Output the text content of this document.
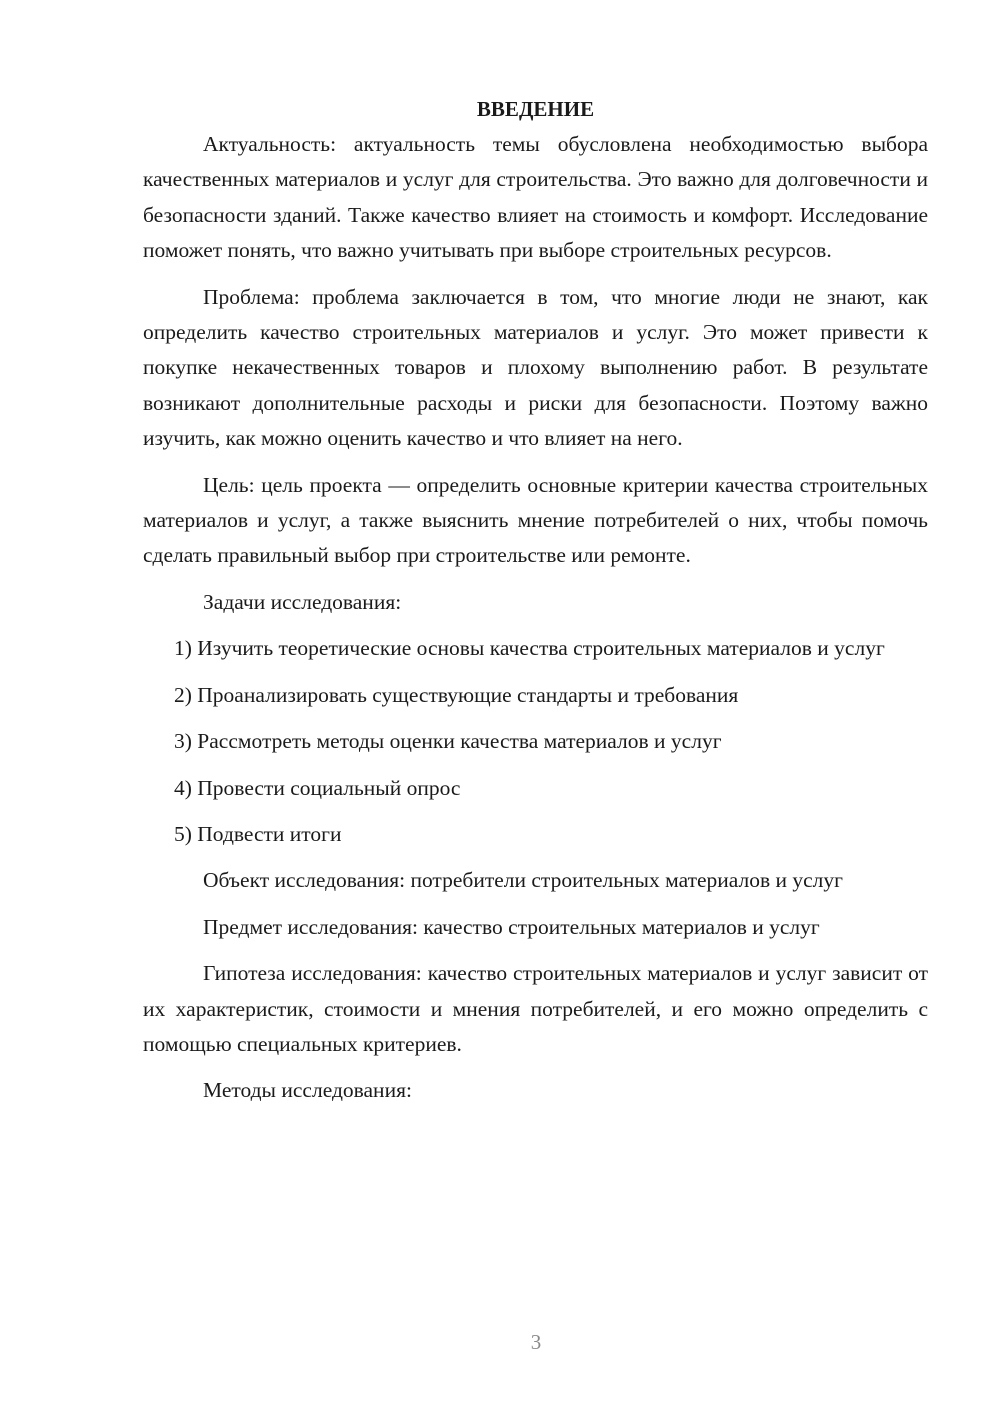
ВВЕДЕНИЕ

Актуальность: актуальность темы обусловлена необходимостью выбора качественных материалов и услуг для строительства. Это важно для долговечности и безопасности зданий. Также качество влияет на стоимость и комфорт. Исследование поможет понять, что важно учитывать при выборе строительных ресурсов.

Проблема: проблема заключается в том, что многие люди не знают, как определить качество строительных материалов и услуг. Это может привести к покупке некачественных товаров и плохому выполнению работ. В результате возникают дополнительные расходы и риски для безопасности. Поэтому важно изучить, как можно оценить качество и что влияет на него.

Цель: цель проекта — определить основные критерии качества строительных материалов и услуг, а также выяснить мнение потребителей о них, чтобы помочь сделать правильный выбор при строительстве или ремонте.

Задачи исследования:

1) Изучить теоретические основы качества строительных материалов и услуг

2) Проанализировать существующие стандарты и требования

3) Рассмотреть методы оценки качества материалов и услуг

4) Провести социальный опрос

5) Подвести итоги

Объект исследования: потребители строительных материалов и услуг

Предмет исследования: качество строительных материалов и услуг

Гипотеза исследования: качество строительных материалов и услуг зависит от их характеристик, стоимости и мнения потребителей, и его можно определить с помощью специальных критериев.

Методы исследования:

3
